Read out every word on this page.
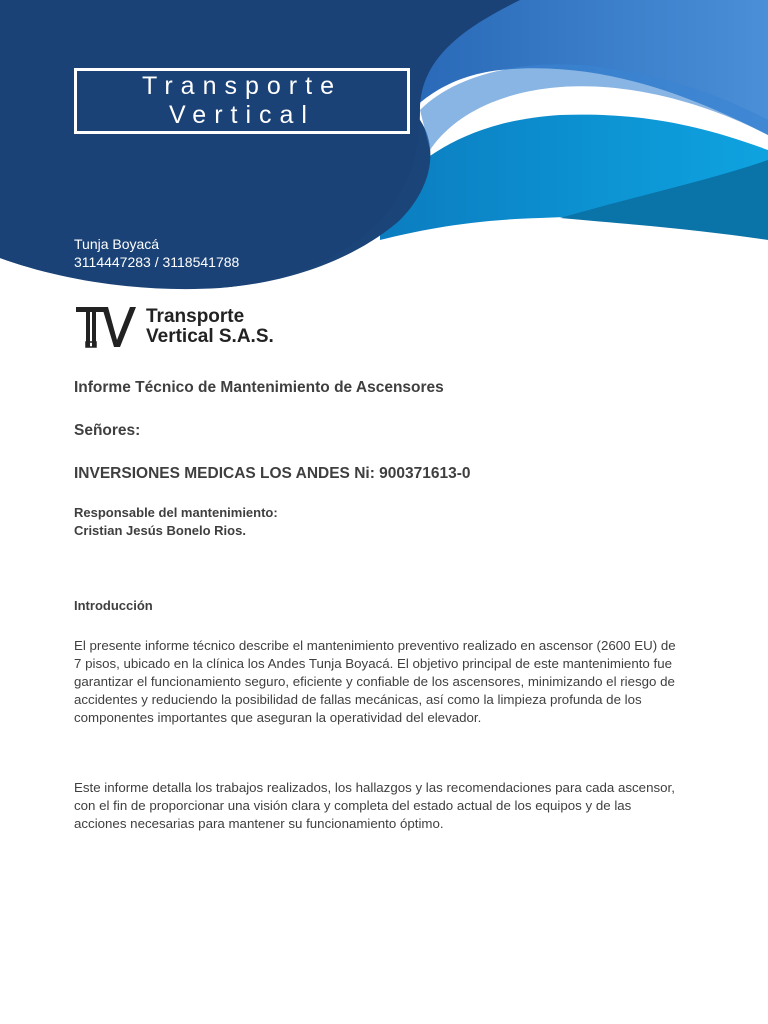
Transporte
Vertical
Tunja Boyacá
3114447283 / 3118541788
Transporte
Vertical S.A.S.

Informe Técnico de Mantenimiento de Ascensores

Señores:

INVERSIONES MEDICAS LOS ANDES Ni: 900371613-0

Responsable del mantenimiento:
Cristian Jesús Bonelo Rios.

Introducción

El presente informe técnico describe el mantenimiento preventivo realizado en ascensor (2600 EU) de 7 pisos, ubicado en la clínica los Andes Tunja Boyacá. El objetivo principal de este mantenimiento fue garantizar el funcionamiento seguro, eficiente y confiable de los ascensores, minimizando el riesgo de accidentes y reduciendo la posibilidad de fallas mecánicas, así como la limpieza profunda de los componentes importantes que aseguran la operatividad del elevador.

Este informe detalla los trabajos realizados, los hallazgos y las recomendaciones para cada ascensor, con el fin de proporcionar una visión clara y completa del estado actual de los equipos y de las acciones necesarias para mantener su funcionamiento óptimo.
